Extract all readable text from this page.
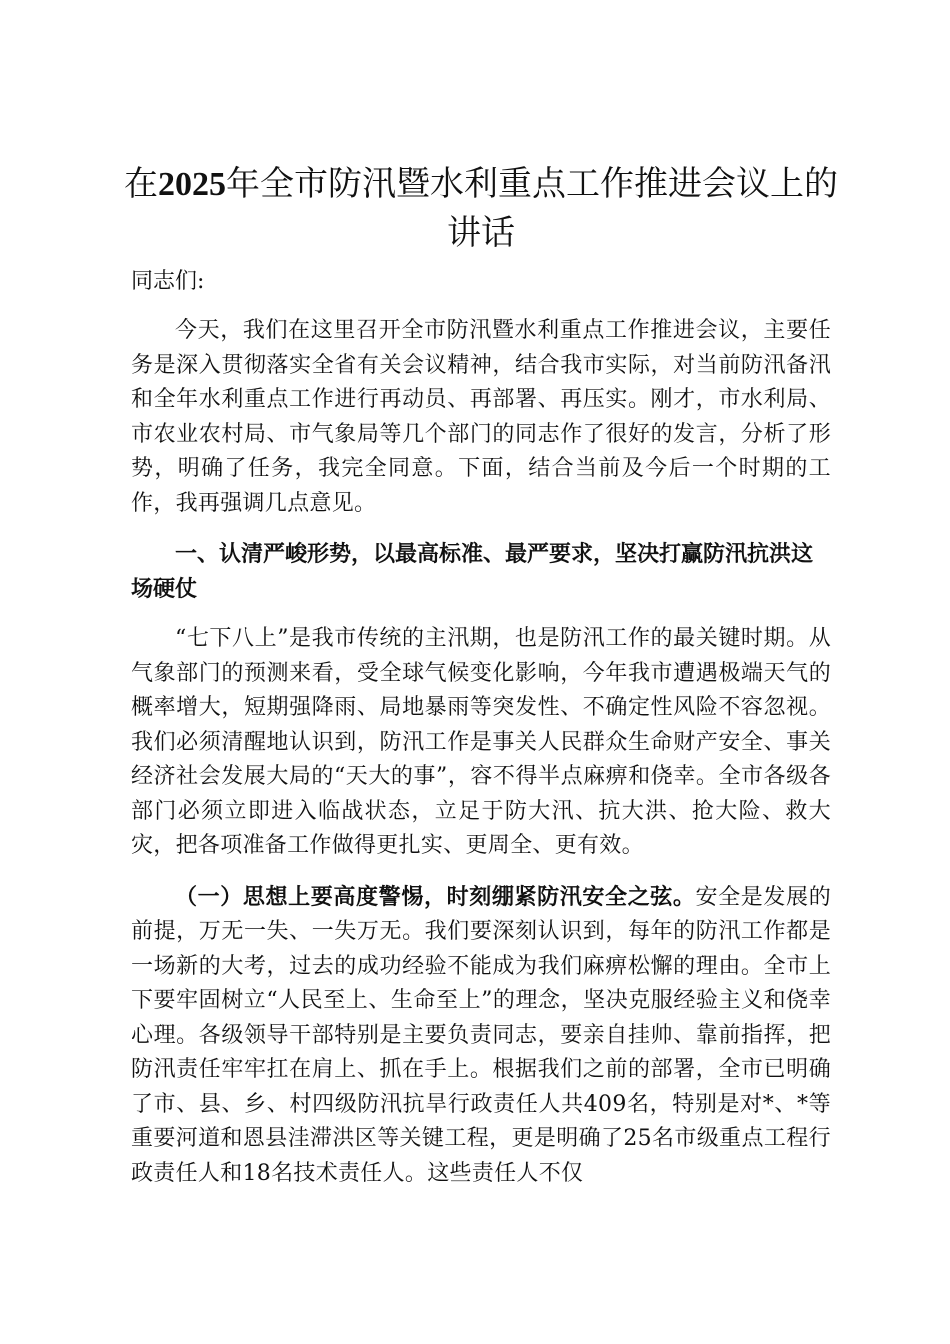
在2025年全市防汛暨水利重点工作推进会议上的讲话
同志们:

今天，我们在这里召开全市防汛暨水利重点工作推进会议，主要任务是深入贯彻落实全省有关会议精神，结合我市实际，对当前防汛备汛和全年水利重点工作进行再动员、再部署、再压实。刚才，市水利局、市农业农村局、市气象局等几个部门的同志作了很好的发言，分析了形势，明确了任务，我完全同意。下面，结合当前及今后一个时期的工作，我再强调几点意见。

一、认清严峻形势，以最高标准、最严要求，坚决打赢防汛抗洪这场硬仗

“七下八上”是我市传统的主汛期，也是防汛工作的最关键时期。从气象部门的预测来看，受全球气候变化影响，今年我市遭遇极端天气的概率增大，短期强降雨、局地暴雨等突发性、不确定性风险不容忽视。我们必须清醒地认识到，防汛工作是事关人民群众生命财产安全、事关经济社会发展大局的“天大的事”，容不得半点麻痹和侥幸。全市各级各部门必须立即进入临战状态，立足于防大汛、抗大洪、抢大险、救大灾，把各项准备工作做得更扎实、更周全、更有效。

（一）思想上要高度警惕，时刻绷紧防汛安全之弦。安全是发展的前提，万无一失、一失万无。我们要深刻认识到，每年的防汛工作都是一场新的大考，过去的成功经验不能成为我们麻痹松懈的理由。全市上下要牢固树立“人民至上、生命至上”的理念，坚决克服经验主义和侥幸心理。各级领导干部特别是主要负责同志，要亲自挂帅、靠前指挥，把防汛责任牢牢扛在肩上、抓在手上。根据我们之前的部署，全市已明确了市、县、乡、村四级防汛抗旱行政责任人共409名，特别是对*、*等重要河道和恩县洼滞洪区等关键工程，更是明确了25名市级重点工程行政责任人和18名技术责任人。这些责任人不仅
